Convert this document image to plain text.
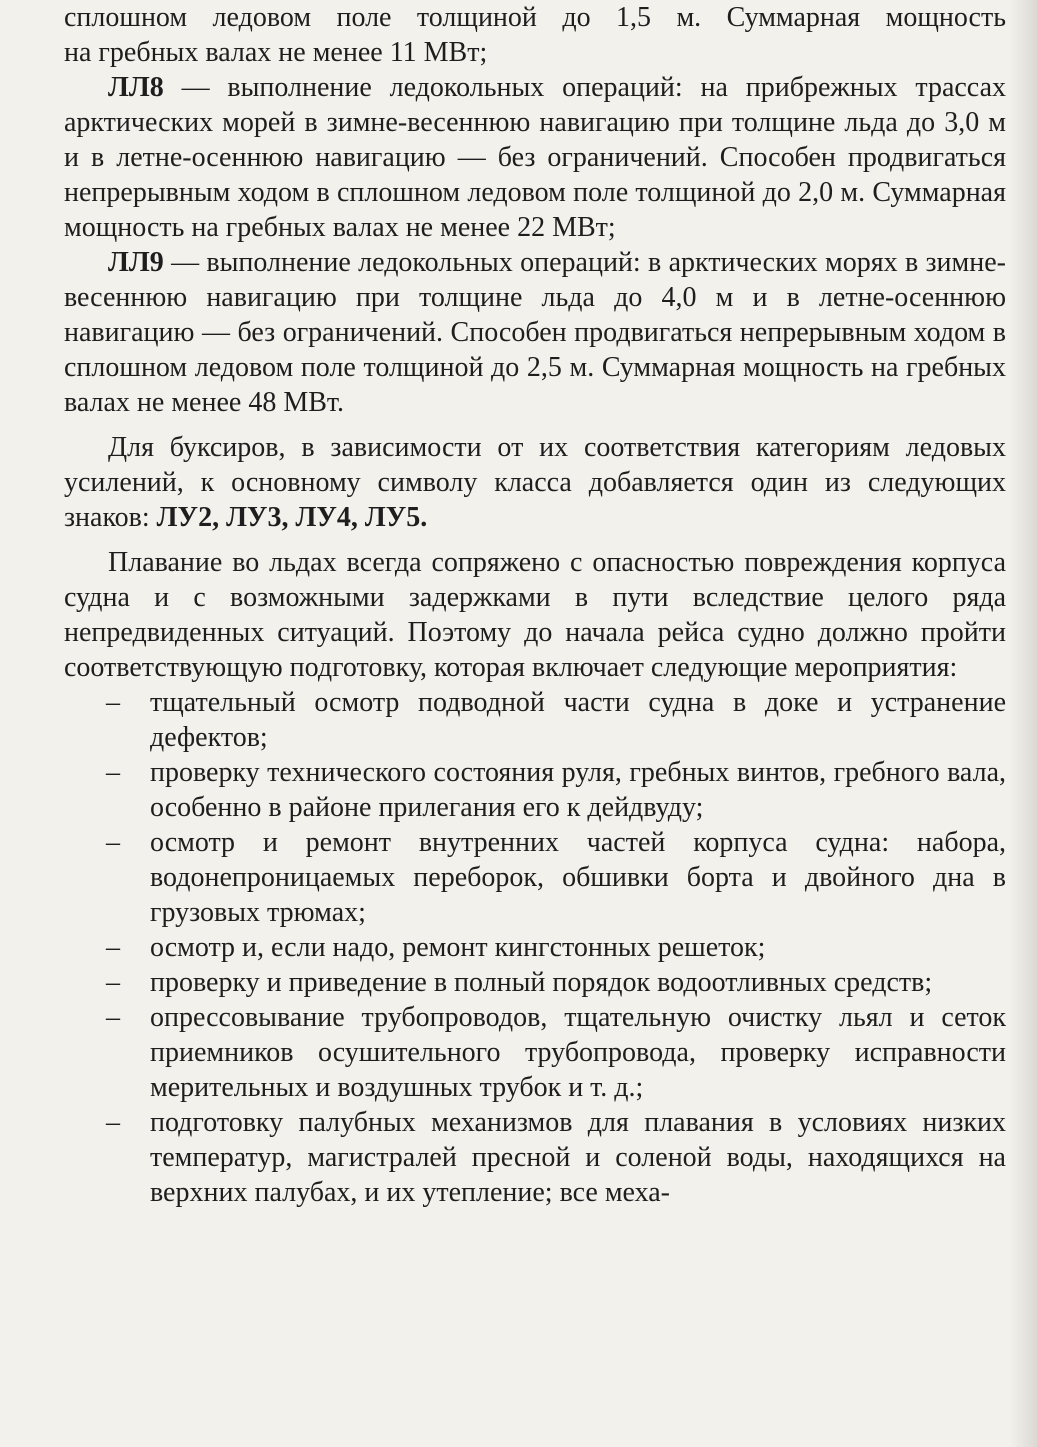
сплошном ледовом поле толщиной до 1,5 м. Суммарная мощность

на гребных валах не менее 11 МВт;

ЛЛ8 — выполнение ледокольных операций: на прибрежных трассах арктических морей в зимне-весеннюю навигацию при толщине льда до 3,0 м и в летне-осеннюю навигацию — без ограничений. Способен продвигаться непрерывным ходом в сплошном ледовом поле толщиной до 2,0 м. Суммарная мощность на гребных валах не менее 22 МВт;

ЛЛ9 — выполнение ледокольных операций: в арктических морях в зимне-весеннюю навигацию при толщине льда до 4,0 м и в летне-осеннюю навигацию — без ограничений. Способен продвигаться непрерывным ходом в сплошном ледовом поле толщиной до 2,5 м. Суммарная мощность на гребных валах не менее 48 МВт.

Для буксиров, в зависимости от их соответствия категориям ледовых усилений, к основному символу класса добавляется один из следующих знаков: ЛУ2, ЛУ3, ЛУ4, ЛУ5.

Плавание во льдах всегда сопряжено с опасностью повреждения корпуса судна и с возможными задержками в пути вследствие целого ряда непредвиденных ситуаций. Поэтому до начала рейса судно должно пройти соответствующую подготовку, которая включает следующие мероприятия:

– тщательный осмотр подводной части судна в доке и устранение дефектов;
– проверку технического состояния руля, гребных винтов, гребного вала, особенно в районе прилегания его к дейдвуду;
– осмотр и ремонт внутренних частей корпуса судна: набора, водонепроницаемых переборок, обшивки борта и двойного дна в грузовых трюмах;
– осмотр и, если надо, ремонт кингстонных решеток;
– проверку и приведение в полный порядок водоотливных средств;
– опрессовывание трубопроводов, тщательную очистку льял и сеток приемников осушительного трубопровода, проверку исправности мерительных и воздушных трубок и т. д.;
– подготовку палубных механизмов для плавания в условиях низких температур, магистралей пресной и соленой воды, находящихся на верхних палубах, и их утепление; все меха-
